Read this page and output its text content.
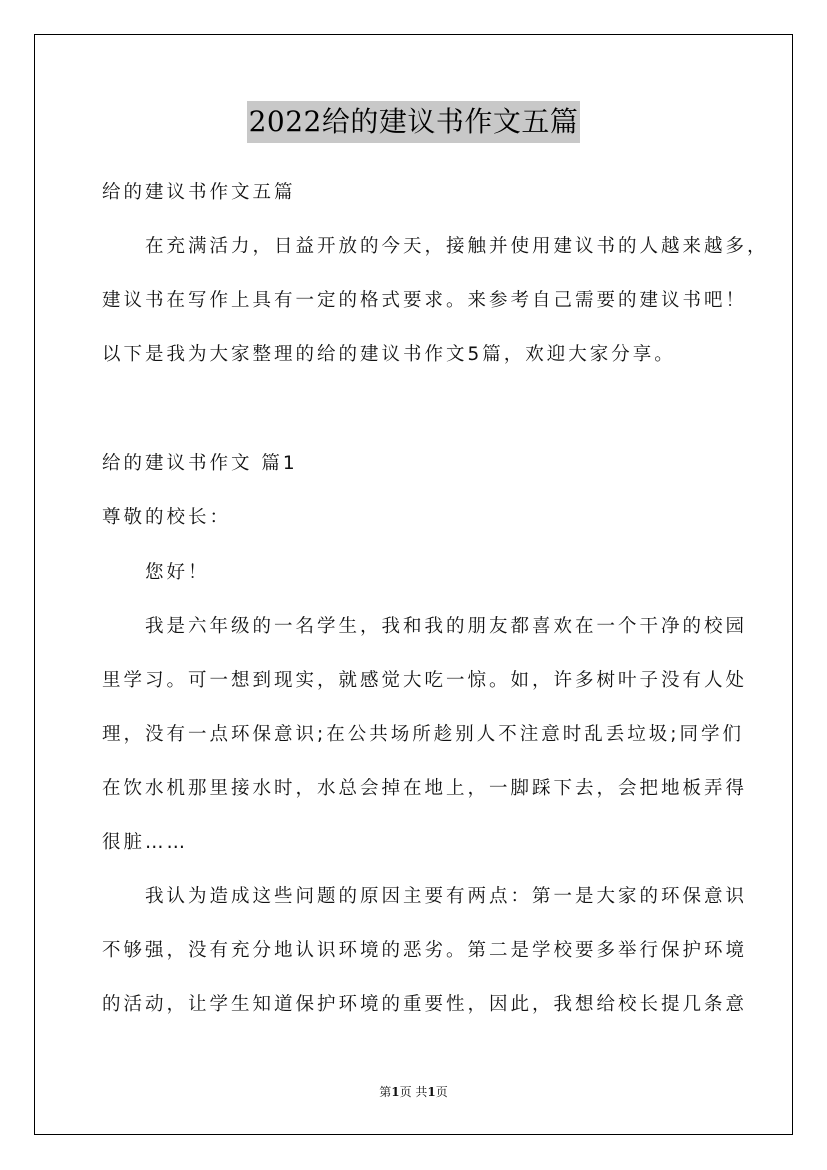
2022给的建议书作文五篇
给的建议书作文五篇
在充满活力，日益开放的今天，接触并使用建议书的人越来越多，
建议书在写作上具有一定的格式要求。来参考自己需要的建议书吧！
以下是我为大家整理的给的建议书作文5篇，欢迎大家分享。
给的建议书作文 篇1
尊敬的校长：
您好！
我是六年级的一名学生，我和我的朋友都喜欢在一个干净的校园
里学习。可一想到现实，就感觉大吃一惊。如，许多树叶子没有人处
理，没有一点环保意识;在公共场所趁别人不注意时乱丢垃圾;同学们
在饮水机那里接水时，水总会掉在地上，一脚踩下去，会把地板弄得
很脏……
我认为造成这些问题的原因主要有两点：第一是大家的环保意识
不够强，没有充分地认识环境的恶劣。第二是学校要多举行保护环境
的活动，让学生知道保护环境的重要性，因此，我想给校长提几条意
第1页 共1页
